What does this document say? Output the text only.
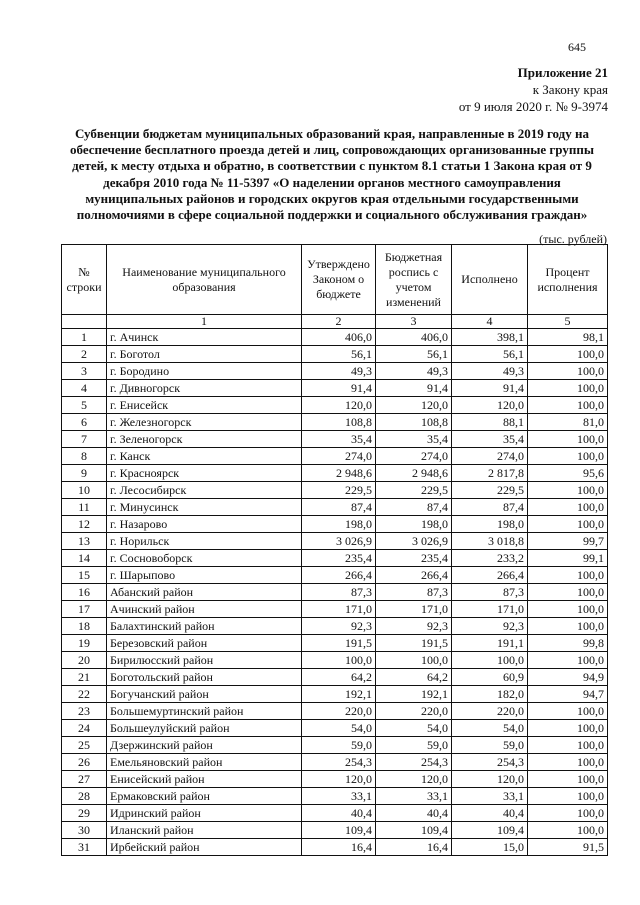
645
Приложение 21
к Закону края
от 9 июля 2020 г. № 9-3974
Субвенции бюджетам муниципальных образований края, направленные в 2019 году на обеспечение бесплатного проезда детей и лиц, сопровождающих организованные группы детей, к месту отдыха и обратно, в соответствии с пунктом 8.1 статьи 1 Закона края от 9 декабря 2010 года № 11-5397 «О наделении органов местного самоуправления муниципальных районов и городских округов края отдельными государственными полномочиями в сфере социальной поддержки и социального обслуживания граждан»
(тыс. рублей)
№ строки	Наименование муниципального образования	Утверждено Законом о бюджете	Бюджетная роспись с учетом изменений	Исполнено	Процент исполнения
	1	2	3	4	5
1	г. Ачинск	406,0	406,0	398,1	98,1
2	г. Боготол	56,1	56,1	56,1	100,0
3	г. Бородино	49,3	49,3	49,3	100,0
4	г. Дивногорск	91,4	91,4	91,4	100,0
5	г. Енисейск	120,0	120,0	120,0	100,0
6	г. Железногорск	108,8	108,8	88,1	81,0
7	г. Зеленогорск	35,4	35,4	35,4	100,0
8	г. Канск	274,0	274,0	274,0	100,0
9	г. Красноярск	2 948,6	2 948,6	2 817,8	95,6
10	г. Лесосибирск	229,5	229,5	229,5	100,0
11	г. Минусинск	87,4	87,4	87,4	100,0
12	г. Назарово	198,0	198,0	198,0	100,0
13	г. Норильск	3 026,9	3 026,9	3 018,8	99,7
14	г. Сосновоборск	235,4	235,4	233,2	99,1
15	г. Шарыпово	266,4	266,4	266,4	100,0
16	Абанский район	87,3	87,3	87,3	100,0
17	Ачинский район	171,0	171,0	171,0	100,0
18	Балахтинский район	92,3	92,3	92,3	100,0
19	Березовский район	191,5	191,5	191,1	99,8
20	Бирилюсский район	100,0	100,0	100,0	100,0
21	Боготольский район	64,2	64,2	60,9	94,9
22	Богучанский район	192,1	192,1	182,0	94,7
23	Большемуртинский район	220,0	220,0	220,0	100,0
24	Большеулуйский район	54,0	54,0	54,0	100,0
25	Дзержинский район	59,0	59,0	59,0	100,0
26	Емельяновский район	254,3	254,3	254,3	100,0
27	Енисейский район	120,0	120,0	120,0	100,0
28	Ермаковский район	33,1	33,1	33,1	100,0
29	Идринский район	40,4	40,4	40,4	100,0
30	Иланский район	109,4	109,4	109,4	100,0
31	Ирбейский район	16,4	16,4	15,0	91,5
